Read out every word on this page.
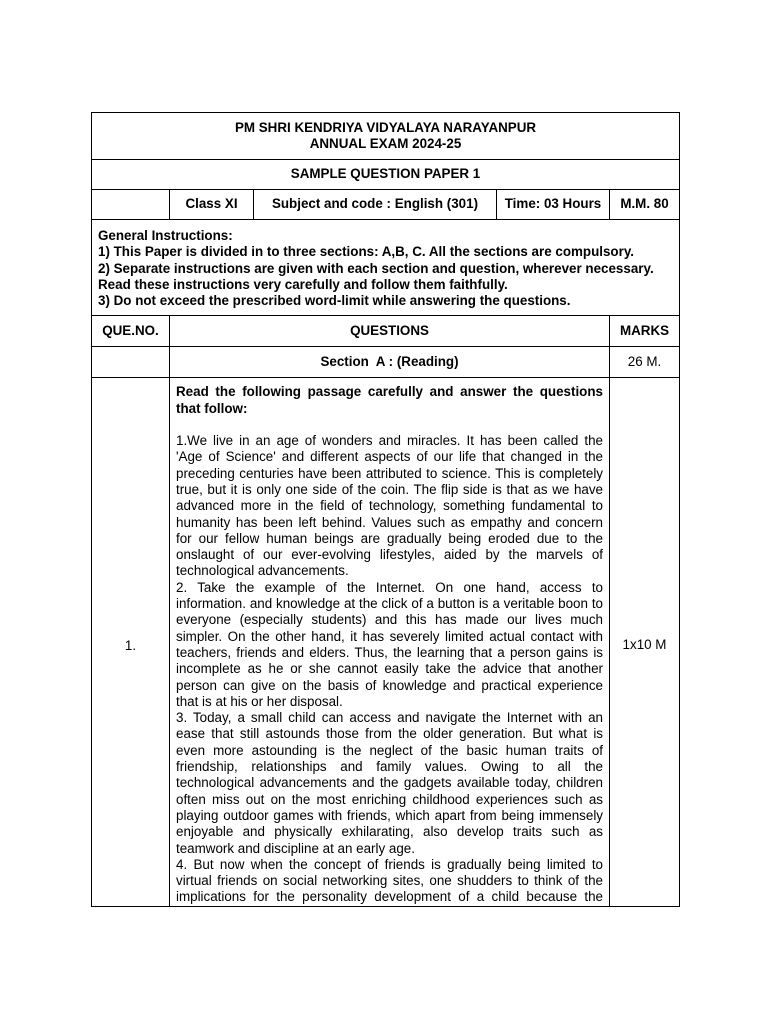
PM SHRI KENDRIYA VIDYALAYA NARAYANPUR
ANNUAL EXAM 2024-25				

SAMPLE QUESTION PAPER 1				
	Class XI	Subject and code : English (301)	Time: 03 Hours	M.M. 80

General Instructions:
1) This Paper is divided in to three sections: A,B, C. All the sections are compulsory.
2) Separate instructions are given with each section and question, wherever necessary.
Read these instructions very carefully and follow them faithfully.
3) Do not exceed the prescribed word-limit while answering the questions.				

QUE.NO.	QUESTIONS			MARKS
	Section  A : (Reading)			26 M.
1.	Read the following passage carefully and answer the questions that follow:
1.We live in an age of wonders and miracles. It has been called the 'Age of Science' and different aspects of our life that changed in the preceding centuries have been attributed to science. This is completely true, but it is only one side of the coin. The flip side is that as we have advanced more in the field of technology, something fundamental to humanity has been left behind. Values such as empathy and concern for our fellow human beings are gradually being eroded due to the onslaught of our ever-evolving lifestyles, aided by the marvels of technological advancements.
2. Take the example of the Internet. On one hand, access to information. and knowledge at the click of a button is a veritable boon to everyone (especially students) and this has made our lives much simpler. On the other hand, it has severely limited actual contact with teachers, friends and elders. Thus, the learning that a person gains is incomplete as he or she cannot easily take the advice that another person can give on the basis of knowledge and practical experience that is at his or her disposal.
3. Today, a small child can access and navigate the Internet with an ease that still astounds those from the older generation. But what is even more astounding is the neglect of the basic human traits of friendship, relationships and family values. Owing to all the technological advancements and the gadgets available today, children often miss out on the most enriching childhood experiences such as playing outdoor games with friends, which apart from being immensely enjoyable and physically exhilarating, also develop traits such as teamwork and discipline at an early age.
4. But now when the concept of friends is gradually being limited to virtual friends on social networking sites, one shudders to think of the implications for the personality development of a child because the			1x10 M
